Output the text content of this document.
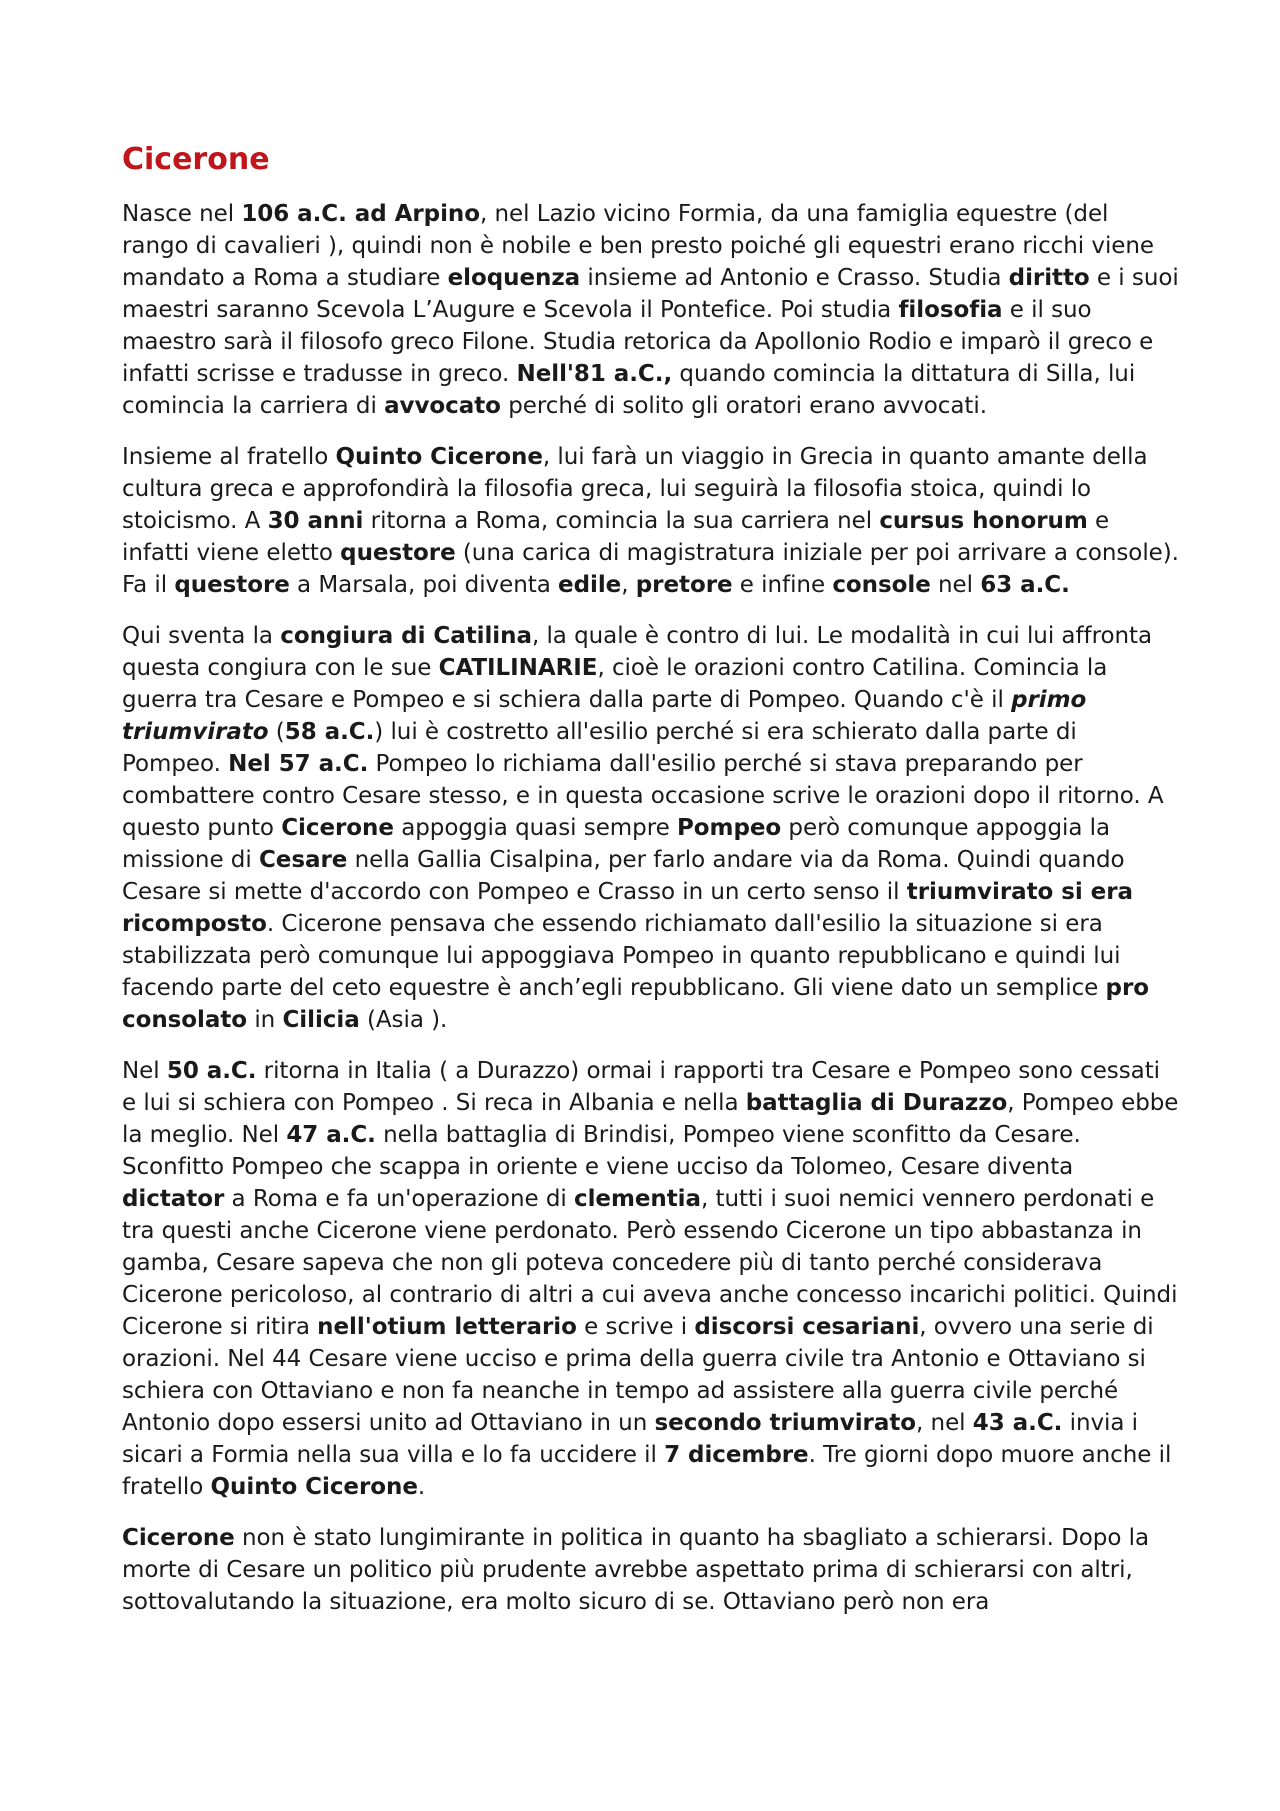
Cicerone

Nasce nel 106 a.C. ad Arpino, nel Lazio vicino Formia, da una famiglia equestre (del rango di cavalieri ), quindi non è nobile e ben presto poiché gli equestri erano ricchi viene mandato a Roma a studiare eloquenza insieme ad Antonio e Crasso. Studia diritto e i suoi maestri saranno Scevola L’Augure e Scevola il Pontefice. Poi studia filosofia e il suo maestro sarà il filosofo greco Filone. Studia retorica da Apollonio Rodio e imparò il greco e infatti scrisse e tradusse in greco. Nell'81 a.C., quando comincia la dittatura di Silla, lui comincia la carriera di avvocato perché di solito gli oratori erano avvocati.

Insieme al fratello Quinto Cicerone, lui farà un viaggio in Grecia in quanto amante della cultura greca e approfondirà la filosofia greca, lui seguirà la filosofia stoica, quindi lo stoicismo. A 30 anni ritorna a Roma, comincia la sua carriera nel cursus honorum e infatti viene eletto questore (una carica di magistratura iniziale per poi arrivare a console). Fa il questore a Marsala, poi diventa edile, pretore e infine console nel 63 a.C.

Qui sventa la congiura di Catilina, la quale è contro di lui. Le modalità in cui lui affronta questa congiura con le sue CATILINARIE, cioè le orazioni contro Catilina. Comincia la guerra tra Cesare e Pompeo e si schiera dalla parte di Pompeo. Quando c'è il primo triumvirato (58 a.C.) lui è costretto all'esilio perché si era schierato dalla parte di Pompeo. Nel 57 a.C. Pompeo lo richiama dall'esilio perché si stava preparando per combattere contro Cesare stesso, e in questa occasione scrive le orazioni dopo il ritorno. A questo punto Cicerone appoggia quasi sempre Pompeo però comunque appoggia la missione di Cesare nella Gallia Cisalpina, per farlo andare via da Roma. Quindi quando Cesare si mette d'accordo con Pompeo e Crasso in un certo senso il triumvirato si era ricomposto. Cicerone pensava che essendo richiamato dall'esilio la situazione si era stabilizzata però comunque lui appoggiava Pompeo in quanto repubblicano e quindi lui facendo parte del ceto equestre è anch’egli repubblicano. Gli viene dato un semplice pro consolato in Cilicia (Asia ).

Nel 50 a.C. ritorna in Italia ( a Durazzo) ormai i rapporti tra Cesare e Pompeo sono cessati e lui si schiera con Pompeo . Si reca in Albania e nella battaglia di Durazzo, Pompeo ebbe la meglio. Nel 47 a.C. nella battaglia di Brindisi, Pompeo viene sconfitto da Cesare. Sconfitto Pompeo che scappa in oriente e viene ucciso da Tolomeo, Cesare diventa dictator a Roma e fa un'operazione di clementia, tutti i suoi nemici vennero perdonati e tra questi anche Cicerone viene perdonato. Però essendo Cicerone un tipo abbastanza in gamba, Cesare sapeva che non gli poteva concedere più di tanto perché considerava Cicerone pericoloso, al contrario di altri a cui aveva anche concesso incarichi politici. Quindi Cicerone si ritira nell'otium letterario e scrive i discorsi cesariani, ovvero una serie di orazioni. Nel 44 Cesare viene ucciso e prima della guerra civile tra Antonio e Ottaviano si schiera con Ottaviano e non fa neanche in tempo ad assistere alla guerra civile perché Antonio dopo essersi unito ad Ottaviano in un secondo triumvirato, nel 43 a.C. invia i sicari a Formia nella sua villa e lo fa uccidere il 7 dicembre. Tre giorni dopo muore anche il fratello Quinto Cicerone.

Cicerone non è stato lungimirante in politica in quanto ha sbagliato a schierarsi. Dopo la morte di Cesare un politico più prudente avrebbe aspettato prima di schierarsi con altri, sottovalutando la situazione, era molto sicuro di se. Ottaviano però non era
